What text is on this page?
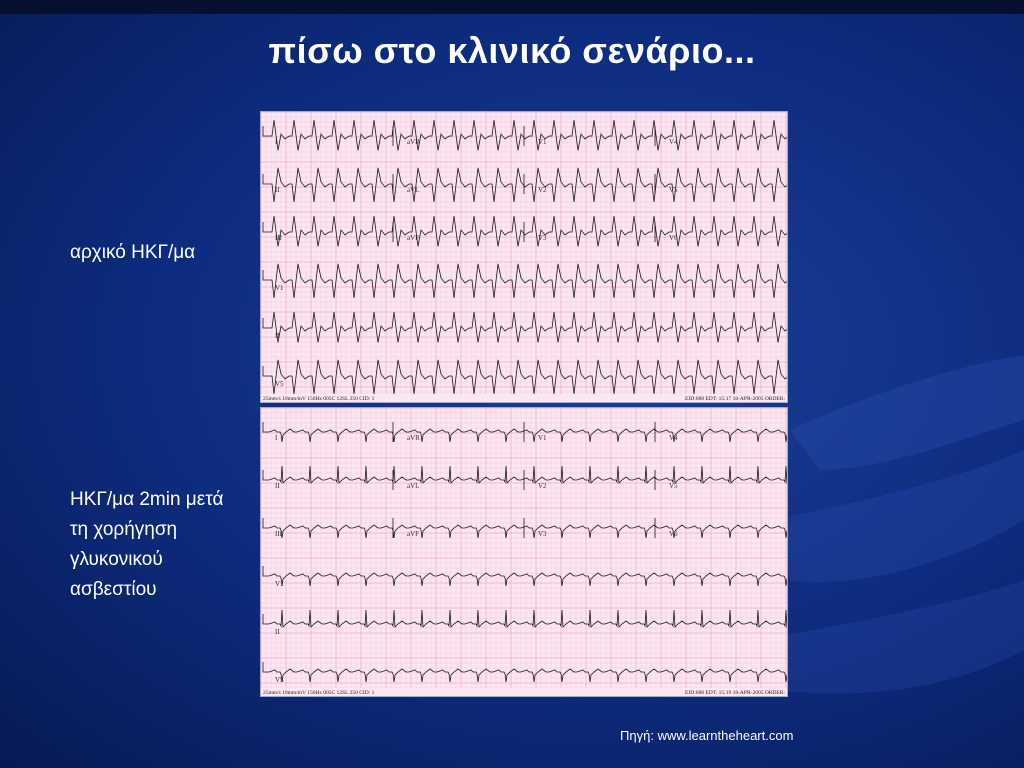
πίσω στο κλινικό σενάριο...
αρχικό ΗΚΓ/μα
ΗΚΓ/μα 2min μετά
τη χορήγηση
γλυκονικού
ασβεστίου
I	aVR	V1	V4
II	aVL	V2	V5
III	aVF	V3	V6
V1
II
V5
25mm/s 10mm/mV 150Hz 005C 12SL 250 CID: 1	EID:688 EDT: 15:17 16-APR-2005 ORDER:
I	aVR	V1	V4
II	aVL	V2	V5
III	aVF	V3	V6
V1
II
V5
25mm/s 10mm/mV 150Hz 005C 12SL 250 CID: 1	EID:688 EDT: 15:19 16-APR-2005 ORDER:
Πηγή: www.learntheheart.com
